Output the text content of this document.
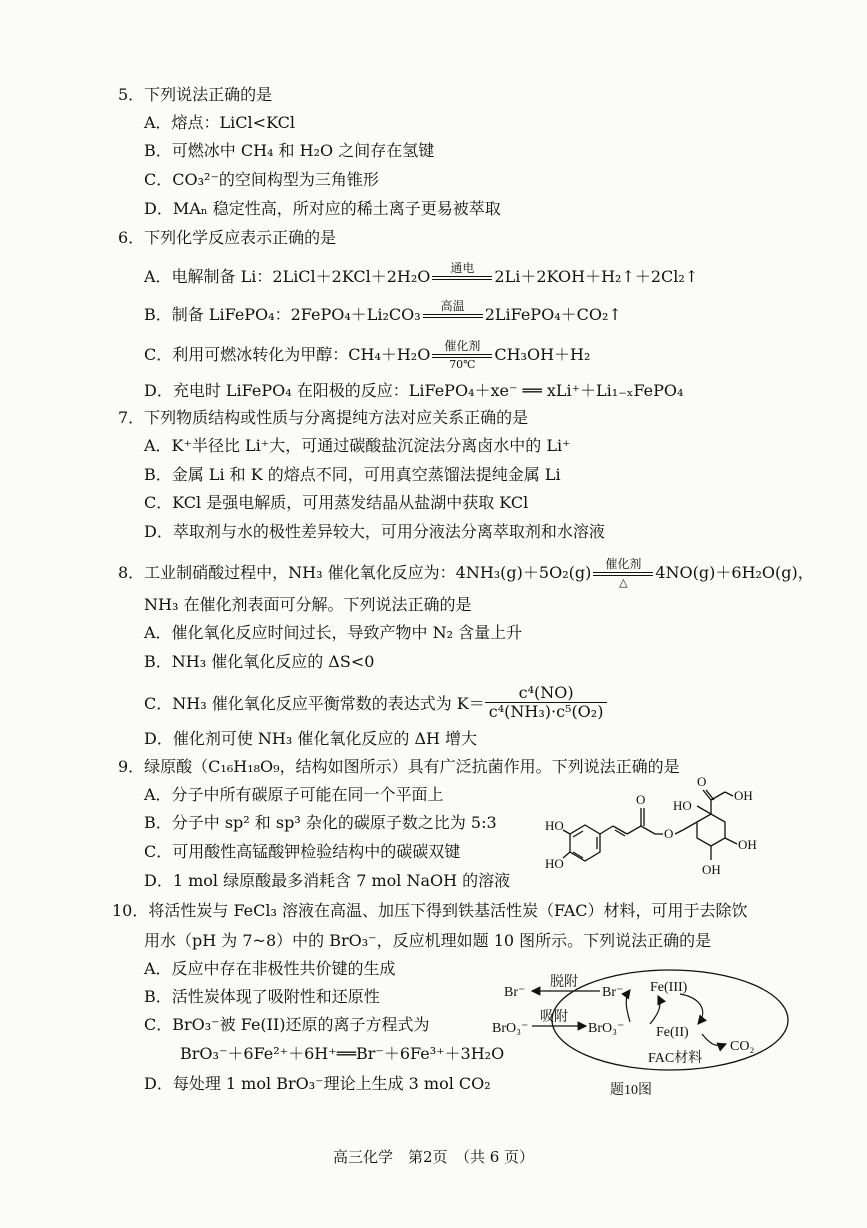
5．下列说法正确的是
A．熔点：LiCl<KCl
B．可燃冰中 CH₄ 和 H₂O 之间存在氢键
C．CO₃²⁻的空间构型为三角锥形
D．MAₙ 稳定性高，所对应的稀土离子更易被萃取
6．下列化学反应表示正确的是
A．电解制备 Li：2LiCl＋2KCl＋2H₂O	通电
	2Li＋2KOH＋H₂↑＋2Cl₂↑
B．制备 LiFePO₄：2FePO₄＋Li₂CO₃	高温
	2LiFePO₄＋CO₂↑
C．利用可燃冰转化为甲醇：CH₄＋H₂O	催化剂
70℃
CH₃OH＋H₂
D．充电时 LiFePO₄ 在阳极的反应：LiFePO₄＋xe⁻ ══ xLi⁺＋Li₁₋ₓFePO₄
7．下列物质结构或性质与分离提纯方法对应关系正确的是
A．K⁺半径比 Li⁺大，可通过碳酸盐沉淀法分离卤水中的 Li⁺
B．金属 Li 和 K 的熔点不同，可用真空蒸馏法提纯金属 Li
C．KCl 是强电解质，可用蒸发结晶从盐湖中获取 KCl
D．萃取剂与水的极性差异较大，可用分液法分离萃取剂和水溶液
8．工业制硝酸过程中，NH₃ 催化氧化反应为：4NH₃(g)＋5O₂(g)	催化剂
△
4NO(g)＋6H₂O(g)，
NH₃ 在催化剂表面可分解。下列说法正确的是
A．催化氧化反应时间过长，导致产物中 N₂ 含量上升
B．NH₃ 催化氧化反应的 ΔS<0
C．NH₃ 催化氧化反应平衡常数的表达式为 $K= \frac{\text{c⁴(NO)}}{\text{c⁴(NH₃)·c⁵(O₂)}}$
D．催化剂可使 NH₃ 催化氧化反应的 ΔH 增大
9．绿原酸（C₁₆H₁₈O₉，结构如图所示）具有广泛抗菌作用。下列说法正确的是
A．分子中所有碳原子可能在同一个平面上
B．分子中 sp² 和 sp³ 杂化的碳原子数之比为 5:3
C．可用酸性高锰酸钾检验结构中的碳碳双键
D．1 mol 绿原酸最多消耗含 7 mol NaOH 的溶液
HO
HO
O
O
HO
O
OH
OH
OH
10．将活性炭与 FeCl₃ 溶液在高温、加压下得到铁基活性炭（FAC）材料，可用于去除饮
用水（pH 为 7~8）中的 BrO₃⁻，反应机理如题 10 图所示。下列说法正确的是
A．反应中存在非极性共价键的生成
B．活性炭体现了吸附性和还原性
C．BrO₃⁻被 Fe(II)还原的离子方程式为
BrO₃⁻＋6Fe²⁺＋6H⁺══Br⁻＋6Fe³⁺＋3H₂O
D．每处理 1 mol BrO₃⁻理论上生成 3 mol CO₂
Br⁻
脱附
Br⁻ Fe(III)
BrO₃⁻
吸附
BrO₃⁻ Fe(II)
CO₂
FAC材料
题10图
高三化学　第2页　（共 6 页）
